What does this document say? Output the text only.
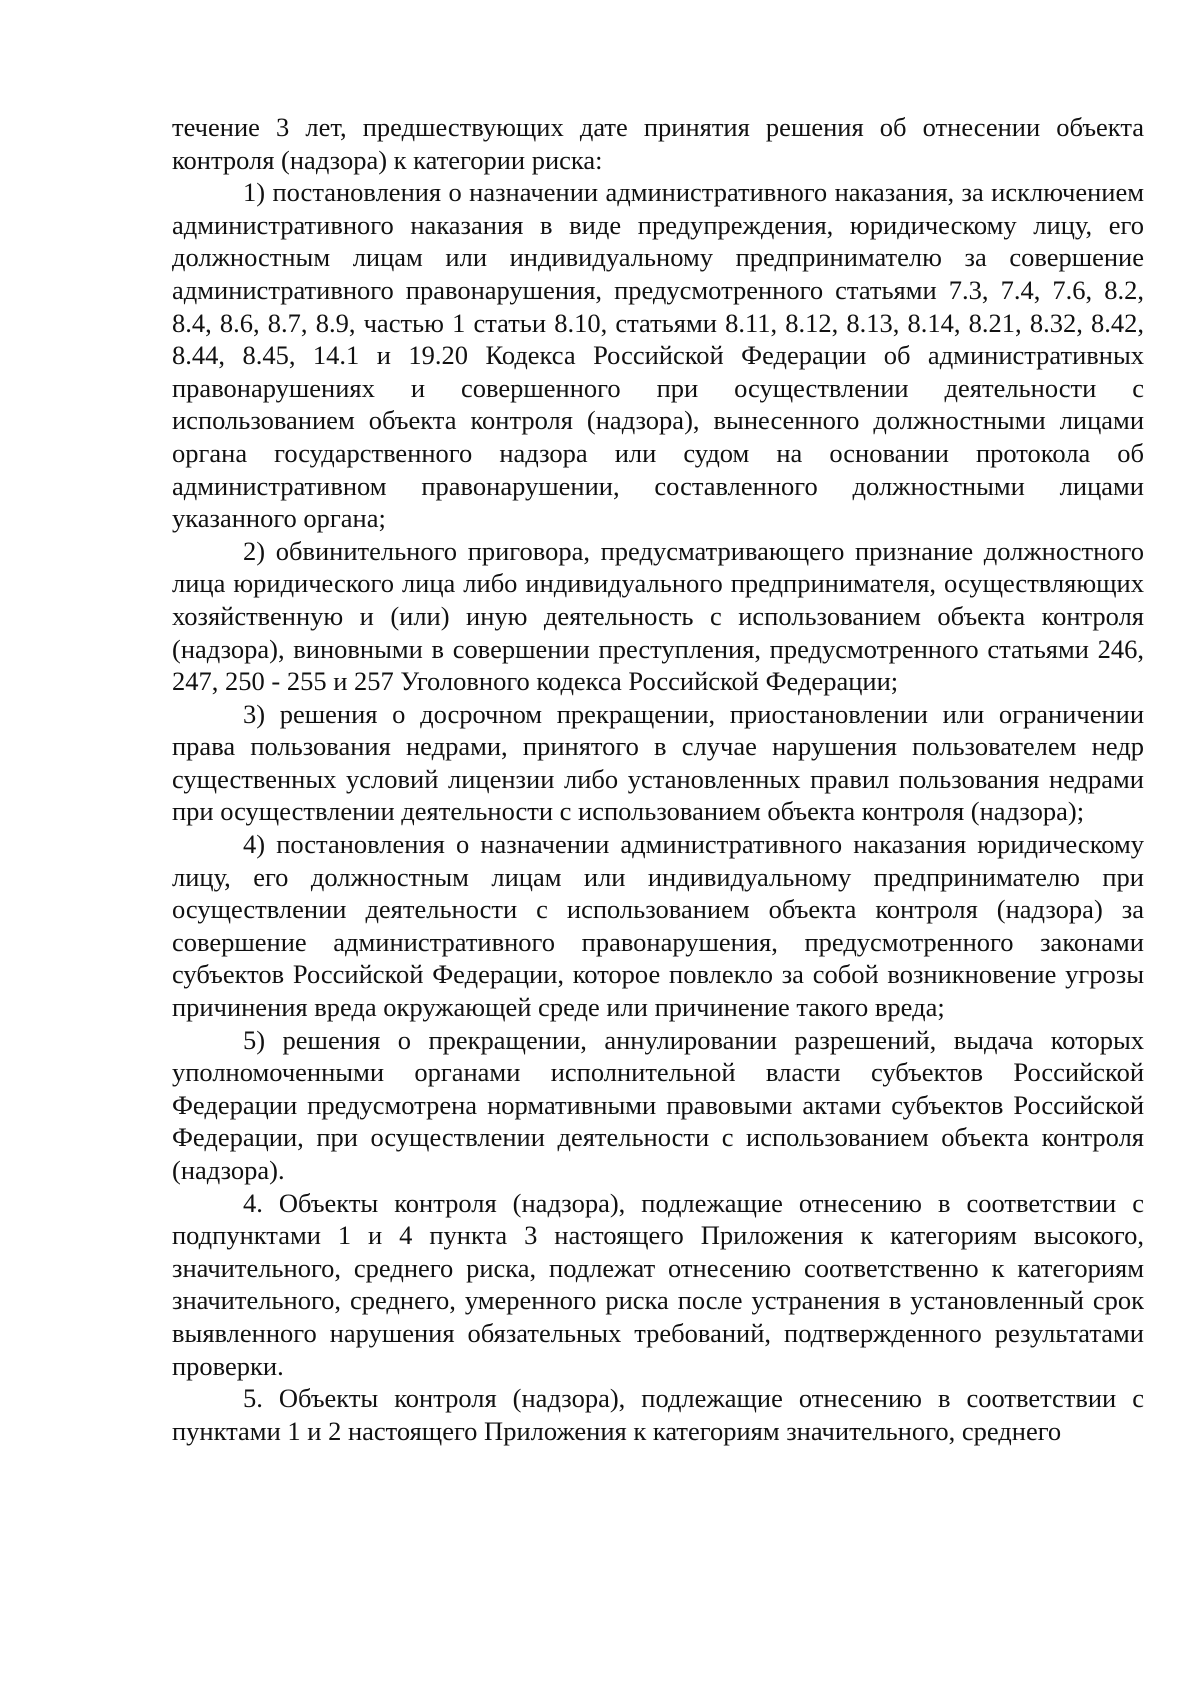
течение 3 лет, предшествующих дате принятия решения об отнесении объекта контроля (надзора) к категории риска:

1) постановления о назначении административного наказания, за исключением административного наказания в виде предупреждения, юридическому лицу, его должностным лицам или индивидуальному предпринимателю за совершение административного правонарушения, предусмотренного статьями 7.3, 7.4, 7.6, 8.2, 8.4, 8.6, 8.7, 8.9, частью 1 статьи 8.10, статьями 8.11, 8.12, 8.13, 8.14, 8.21, 8.32, 8.42, 8.44, 8.45, 14.1 и 19.20 Кодекса Российской Федерации об административных правонарушениях и совершенного при осуществлении деятельности с использованием объекта контроля (надзора), вынесенного должностными лицами органа государственного надзора или судом на основании протокола об административном правонарушении, составленного должностными лицами указанного органа;

2) обвинительного приговора, предусматривающего признание должностного лица юридического лица либо индивидуального предпринимателя, осуществляющих хозяйственную и (или) иную деятельность с использованием объекта контроля (надзора), виновными в совершении преступления, предусмотренного статьями 246, 247, 250 - 255 и 257 Уголовного кодекса Российской Федерации;

3) решения о досрочном прекращении, приостановлении или ограничении права пользования недрами, принятого в случае нарушения пользователем недр существенных условий лицензии либо установленных правил пользования недрами при осуществлении деятельности с использованием объекта контроля (надзора);

4) постановления о назначении административного наказания юридическому лицу, его должностным лицам или индивидуальному предпринимателю при осуществлении деятельности с использованием объекта контроля (надзора) за совершение административного правонарушения, предусмотренного законами субъектов Российской Федерации, которое повлекло за собой возникновение угрозы причинения вреда окружающей среде или причинение такого вреда;

5) решения о прекращении, аннулировании разрешений, выдача которых уполномоченными органами исполнительной власти субъектов Российской Федерации предусмотрена нормативными правовыми актами субъектов Российской Федерации, при осуществлении деятельности с использованием объекта контроля (надзора).

4. Объекты контроля (надзора), подлежащие отнесению в соответствии с подпунктами 1 и 4 пункта 3 настоящего Приложения к категориям высокого, значительного, среднего риска, подлежат отнесению соответственно к категориям значительного, среднего, умеренного риска после устранения в установленный срок выявленного нарушения обязательных требований, подтвержденного результатами проверки.

5. Объекты контроля (надзора), подлежащие отнесению в соответствии с пунктами 1 и 2 настоящего Приложения к категориям значительного, среднего
